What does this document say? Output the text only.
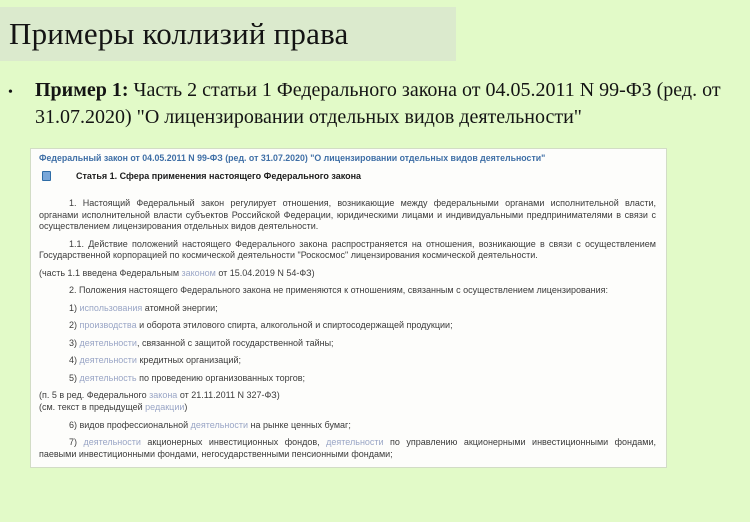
Примеры коллизий права
•	Пример 1: Часть 2 статьи 1 Федерального закона от 04.05.2011 N 99-ФЗ (ред. от 31.07.2020) "О лицензировании отдельных видов деятельности"
Федеральный закон от 04.05.2011 N 99-ФЗ (ред. от 31.07.2020) "О лицензировании отдельных видов деятельности"
Статья 1. Сфера применения настоящего Федерального закона
1. Настоящий Федеральный закон регулирует отношения, возникающие между федеральными органами исполнительной власти, органами исполнительной власти субъектов Российской Федерации, юридическими лицами и индивидуальными предпринимателями в связи с осуществлением лицензирования отдельных видов деятельности.
1.1. Действие положений настоящего Федерального закона распространяется на отношения, возникающие в связи с осуществлением Государственной корпорацией по космической деятельности "Роскосмос" лицензирования космической деятельности.
(часть 1.1 введена Федеральным законом от 15.04.2019 N 54-ФЗ)
2. Положения настоящего Федерального закона не применяются к отношениям, связанным с осуществлением лицензирования:
1) использования атомной энергии;
2) производства и оборота этилового спирта, алкогольной и спиртосодержащей продукции;
3) деятельности, связанной с защитой государственной тайны;
4) деятельности кредитных организаций;
5) деятельность по проведению организованных торгов;
(п. 5 в ред. Федерального закона от 21.11.2011 N 327-ФЗ)
(см. текст в предыдущей редакции)
6) видов профессиональной деятельности на рынке ценных бумаг;
7) деятельности акционерных инвестиционных фондов, деятельности по управлению акционерными инвестиционными фондами, паевыми инвестиционными фондами, негосударственными пенсионными фондами;
